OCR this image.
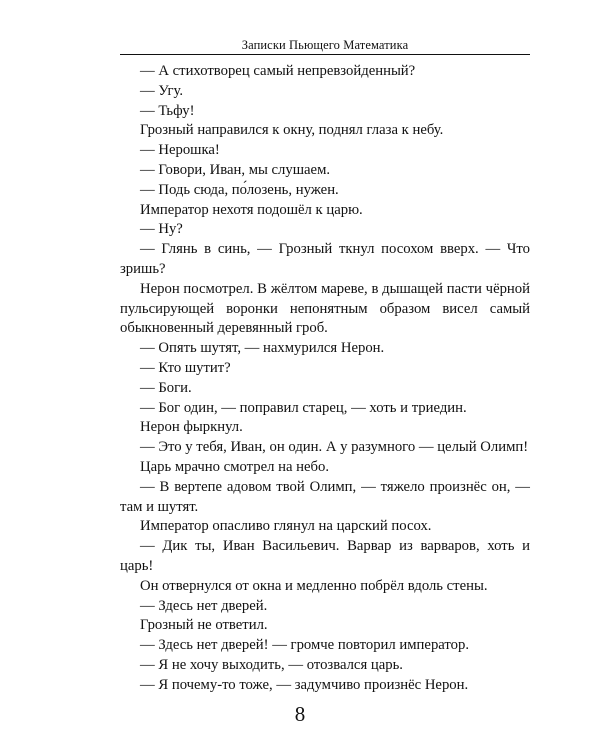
Записки Пьющего Математика

— А стихотворец самый непревзойденный?

— Угу.

— Тьфу!

Грозный направился к окну, поднял глаза к небу.

— Нерошка!

— Говори, Иван, мы слушаем.

— Подь сюда, по́лозень, нужен.

Император нехотя подошёл к царю.

— Ну?

— Глянь в синь, — Грозный ткнул посохом вверх. — Что зришь?

Нерон посмотрел. В жёлтом мареве, в дышащей пасти чёрной пульсирующей воронки непонятным образом висел самый обыкновенный деревянный гроб.

— Опять шутят, — нахмурился Нерон.

— Кто шутит?

— Боги.

— Бог один, — поправил старец, — хоть и триедин.

Нерон фыркнул.

— Это у тебя, Иван, он один. А у разумного — целый Олимп!

Царь мрачно смотрел на небо.

— В вертепе адовом твой Олимп, — тяжело произнёс он, — там и шутят.

Император опасливо глянул на царский посох.

— Дик ты, Иван Васильевич. Варвар из варваров, хоть и царь!

Он отвернулся от окна и медленно побрёл вдоль стены.

— Здесь нет дверей.

Грозный не ответил.

— Здесь нет дверей! — громче повторил император.

— Я не хочу выходить, — отозвался царь.

— Я почему-то тоже, — задумчиво произнёс Нерон.

8
